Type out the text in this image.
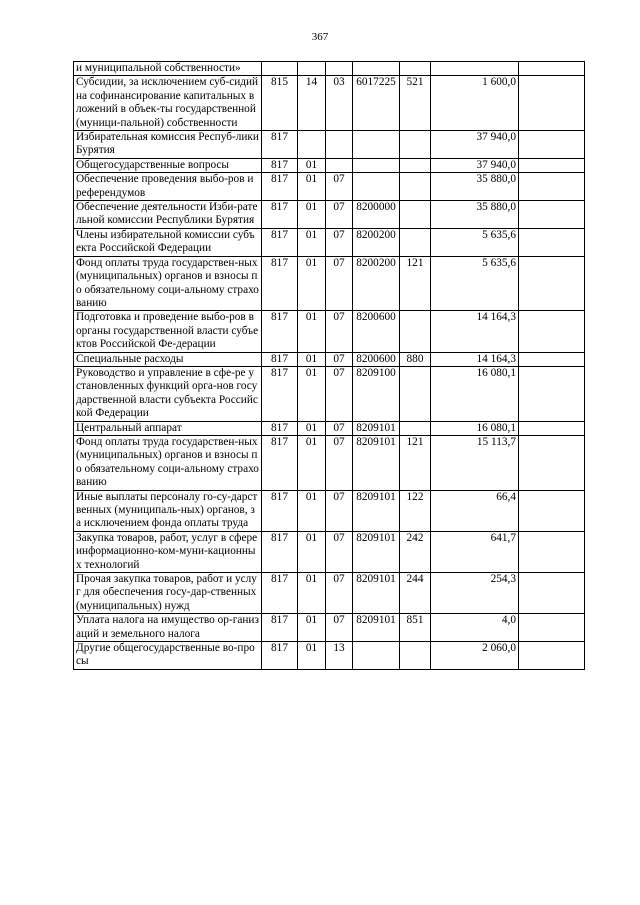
367
и муниципальной собственности»							
Субсидии, за исключением суб-сидий на софинансирование капитальных вложений в объек-ты государственной (муници-пальной) собственности	815	14	03	6017225	521	1 600,0	
Избирательная комиссия Респуб-лики Бурятия	817					37 940,0	
Общегосударственные вопросы	817	01				37 940,0	
Обеспечение проведения выбо-ров и референдумов	817	01	07			35 880,0	
Обеспечение деятельности Изби-рательной комиссии Республики Бурятия	817	01	07	8200000		35 880,0	
Члены избирательной комиссии субъекта Российской Федерации	817	01	07	8200200		5 635,6	
Фонд оплаты труда государствен-ных (муниципальных) органов и взносы по обязательному соци-альному страхованию	817	01	07	8200200	121	5 635,6	
Подготовка и проведение выбо-ров в органы государственной власти субъектов Российской Фе-дерации	817	01	07	8200600		14 164,3	
Специальные расходы	817	01	07	8200600	880	14 164,3	
Руководство и управление в сфе-ре установленных функций орга-нов государственной власти субъекта Российской Федерации	817	01	07	8209100		16 080,1	
Центральный аппарат	817	01	07	8209101		16 080,1	
Фонд оплаты труда государствен-ных (муниципальных) органов и взносы по обязательному соци-альному страхованию	817	01	07	8209101	121	15 113,7	
Иные выплаты персоналу го-су-дарственных (муниципаль-ных) органов, за исключением фонда оплаты труда	817	01	07	8209101	122	66,4	
Закупка товаров, работ, услуг в сфере информационно-ком-муни-кационных технологий	817	01	07	8209101	242	641,7	
Прочая закупка товаров, работ и услуг для обеспечения госу-дар-ственных (муниципальных) нужд	817	01	07	8209101	244	254,3	
Уплата налога на имущество ор-ганизаций и земельного налога	817	01	07	8209101	851	4,0	
Другие общегосударственные во-просы	817	01	13			2 060,0	
